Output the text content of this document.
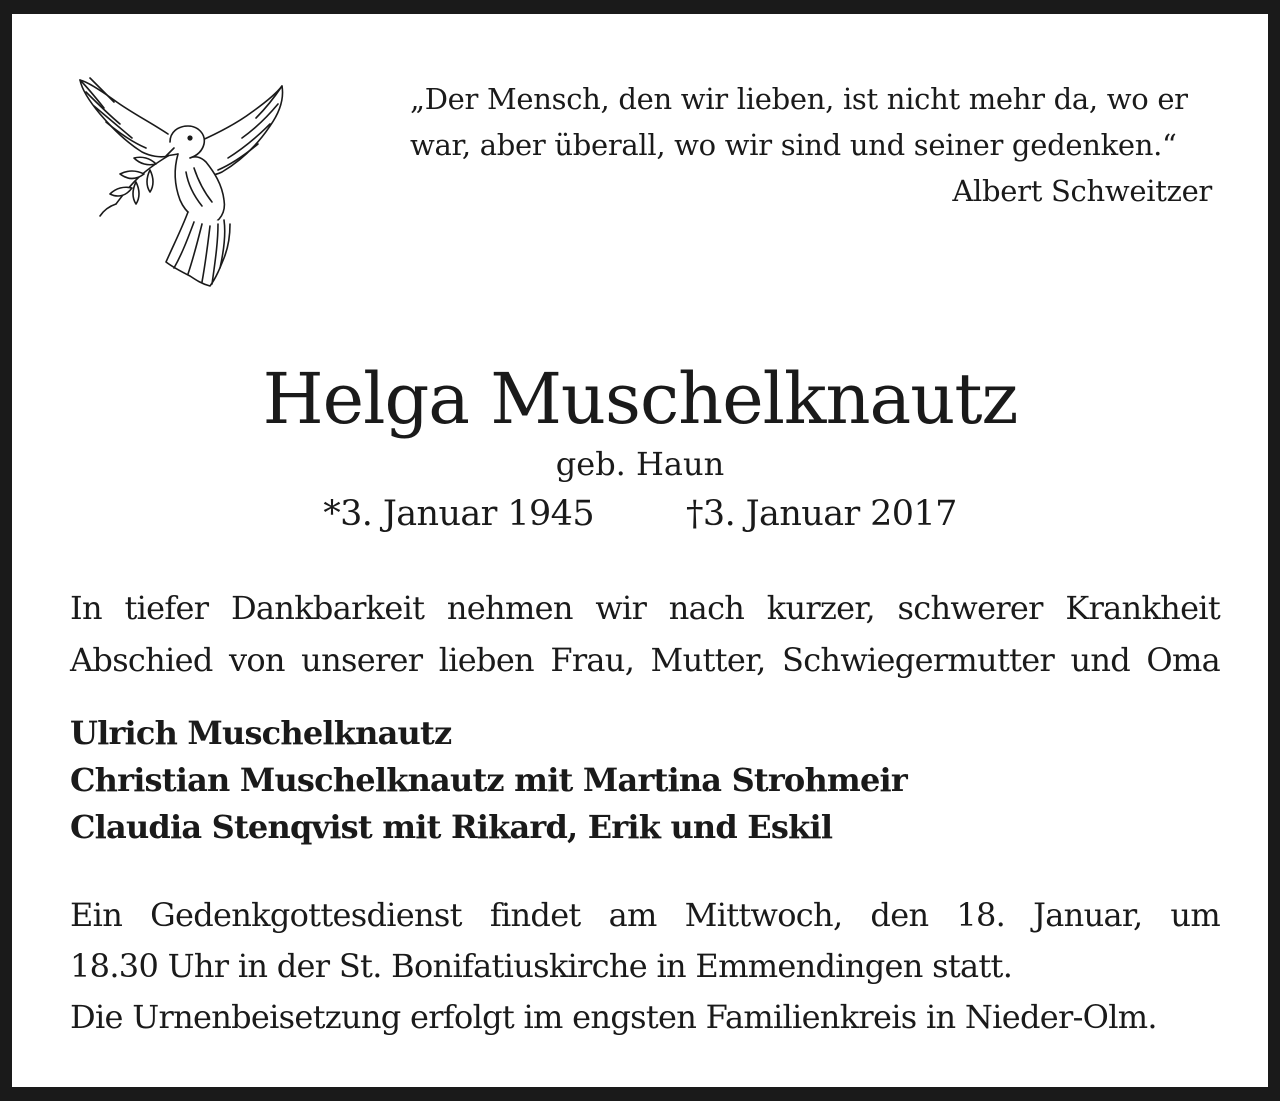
„Der Mensch, den wir lieben, ist nicht mehr da, wo er
war, aber überall, wo wir sind und seiner gedenken.“
Albert Schweitzer
Helga Muschelknautz
geb. Haun
*3. Januar 1945	†3. Januar 2017
In tiefer Dankbarkeit nehmen wir nach kurzer, schwerer Krankheit
Abschied von unserer lieben Frau, Mutter, Schwiegermutter und Oma
Ulrich Muschelknautz
Christian Muschelknautz mit Martina Strohmeir
Claudia Stenqvist mit Rikard, Erik und Eskil
Ein Gedenkgottesdienst findet am Mittwoch, den 18. Januar, um
18.30 Uhr in der St. Bonifatiuskirche in Emmendingen statt.
Die Urnenbeisetzung erfolgt im engsten Familienkreis in Nieder-Olm.
